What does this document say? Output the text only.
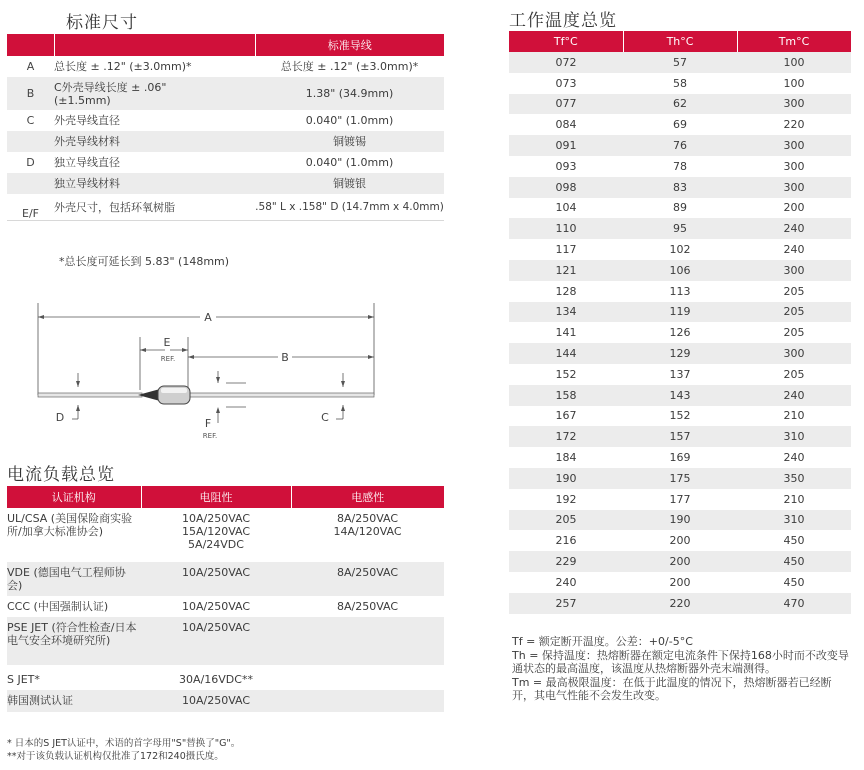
标准尺寸
		标准导线
A	总长度 ± .12" (±3.0mm)*	总长度 ± .12" (±3.0mm)*
B	C外壳导线长度 ± .06" (±1.5mm)	1.38" (34.9mm)
C	外壳导线直径	0.040" (1.0mm)
	外壳导线材料	铜镀锡
D	独立导线直径	0.040" (1.0mm)
	独立导线材料	铜镀银
E/F	外壳尺寸，包括环氧树脂	.58" L x .158" D (14.7mm x 4.0mm)

*总长度可延长到 5.83" (148mm)
A
E
REF.	B
D	C
F
REF.
电流负载总览
认证机构	电阻性	电感性
UL/CSA (美国保险商实验所/加拿大标准协会)	10A/250VAC 15A/120VAC 5A/24VDC	8A/250VAC 14A/120VAC
VDE (德国电气工程师协会)	10A/250VAC	8A/250VAC
CCC (中国强制认证)	10A/250VAC	8A/250VAC
PSE JET (符合性检查/日本电气安全环境研究所)	10A/250VAC	
S JET*	30A/16VDC**	
韩国测试认证	10A/250VAC	
* 日本的S JET认证中，术语的首字母用"S"替换了"G"。
**对于该负载认证机构仅批准了172和240摄氏度。
工作温度总览
Tf°C	Th°C	Tm°C
072	57	100
073	58	100
077	62	300
084	69	220
091	76	300
093	78	300
098	83	300
104	89	200
110	95	240
117	102	240
121	106	300
128	113	205
134	119	205
141	126	205
144	129	300
152	137	205
158	143	240
167	152	210
172	157	310
184	169	240
190	175	350
192	177	210
205	190	310
216	200	450
229	200	450
240	200	450
257	220	470
Tf = 额定断开温度。公差：+0/-5°C
Th = 保持温度：热熔断器在额定电流条件下保持168小时而不改变导通状态的最高温度，该温度从热熔断器外壳末端测得。
Tm = 最高极限温度：在低于此温度的情况下，热熔断器若已经断开，其电气性能不会发生改变。
